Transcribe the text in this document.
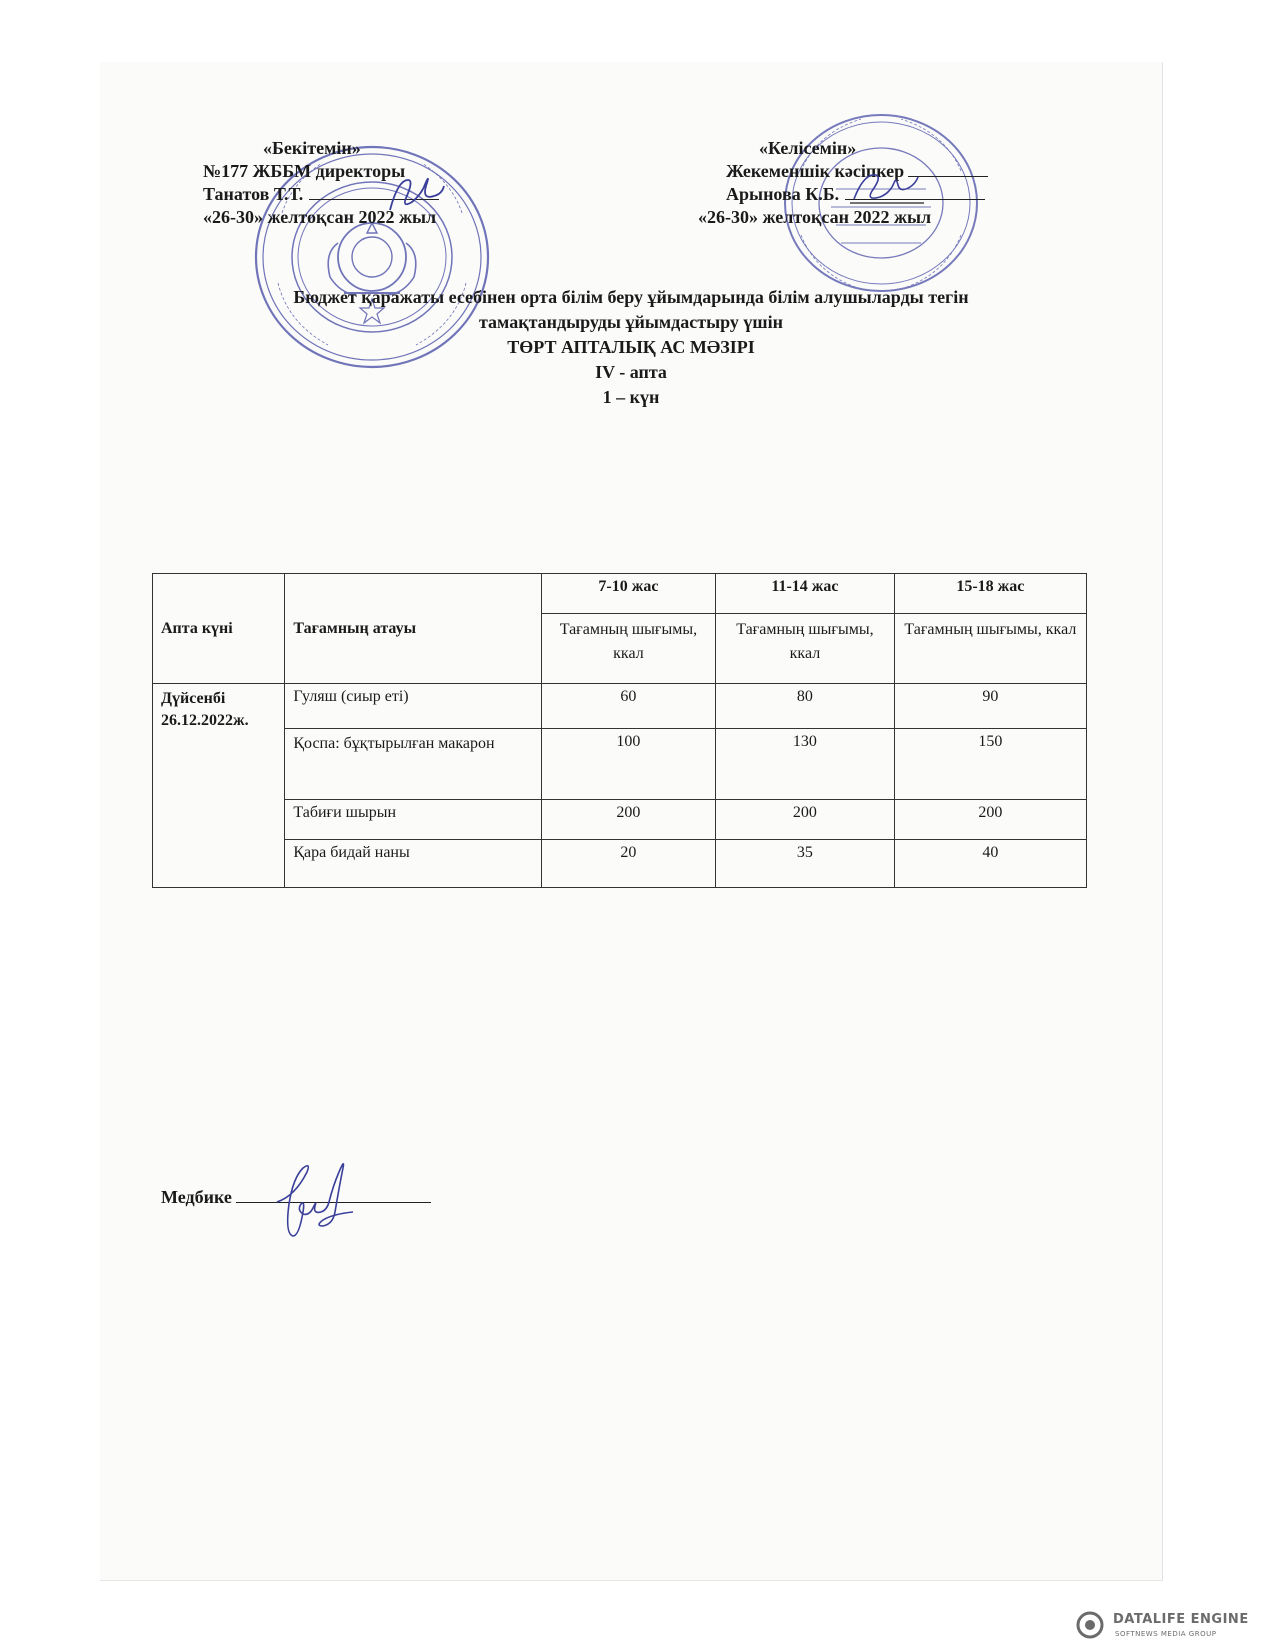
«Бекітемін»
№177 ЖББМ директоры
Танатов Т.Т.
«26-30» желтоқсан 2022 жыл
«Келісемін»
Жекеменшік кәсіпкер
Арынова К.Б.
«26-30» желтоқсан 2022 жыл
Бюджет қаражаты есебінен орта білім беру ұйымдарында білім алушыларды тегін
тамақтандыруды ұйымдастыру үшін
ТӨРТ АПТАЛЫҚ АС МӘЗІРІ
IV - апта
1 – күн
Апта күні	Тағамның атауы	7-10 жас	11-14 жас	15-18 жас
		Тағамның шығымы, ккал	Тағамның шығымы, ккал	Тағамның шығымы, ккал

Дүйсенбі
26.12.2022ж.	Гуляш (сиыр еті)	60	80	90
	Қоспа: бұқтырылған макарон	100	130	150
	Табиғи шырын	200	200	200
	Қара бидай наны	20	35	40
Медбике
DATALIFE ENGINE
SOFTNEWS MEDIA GROUP
